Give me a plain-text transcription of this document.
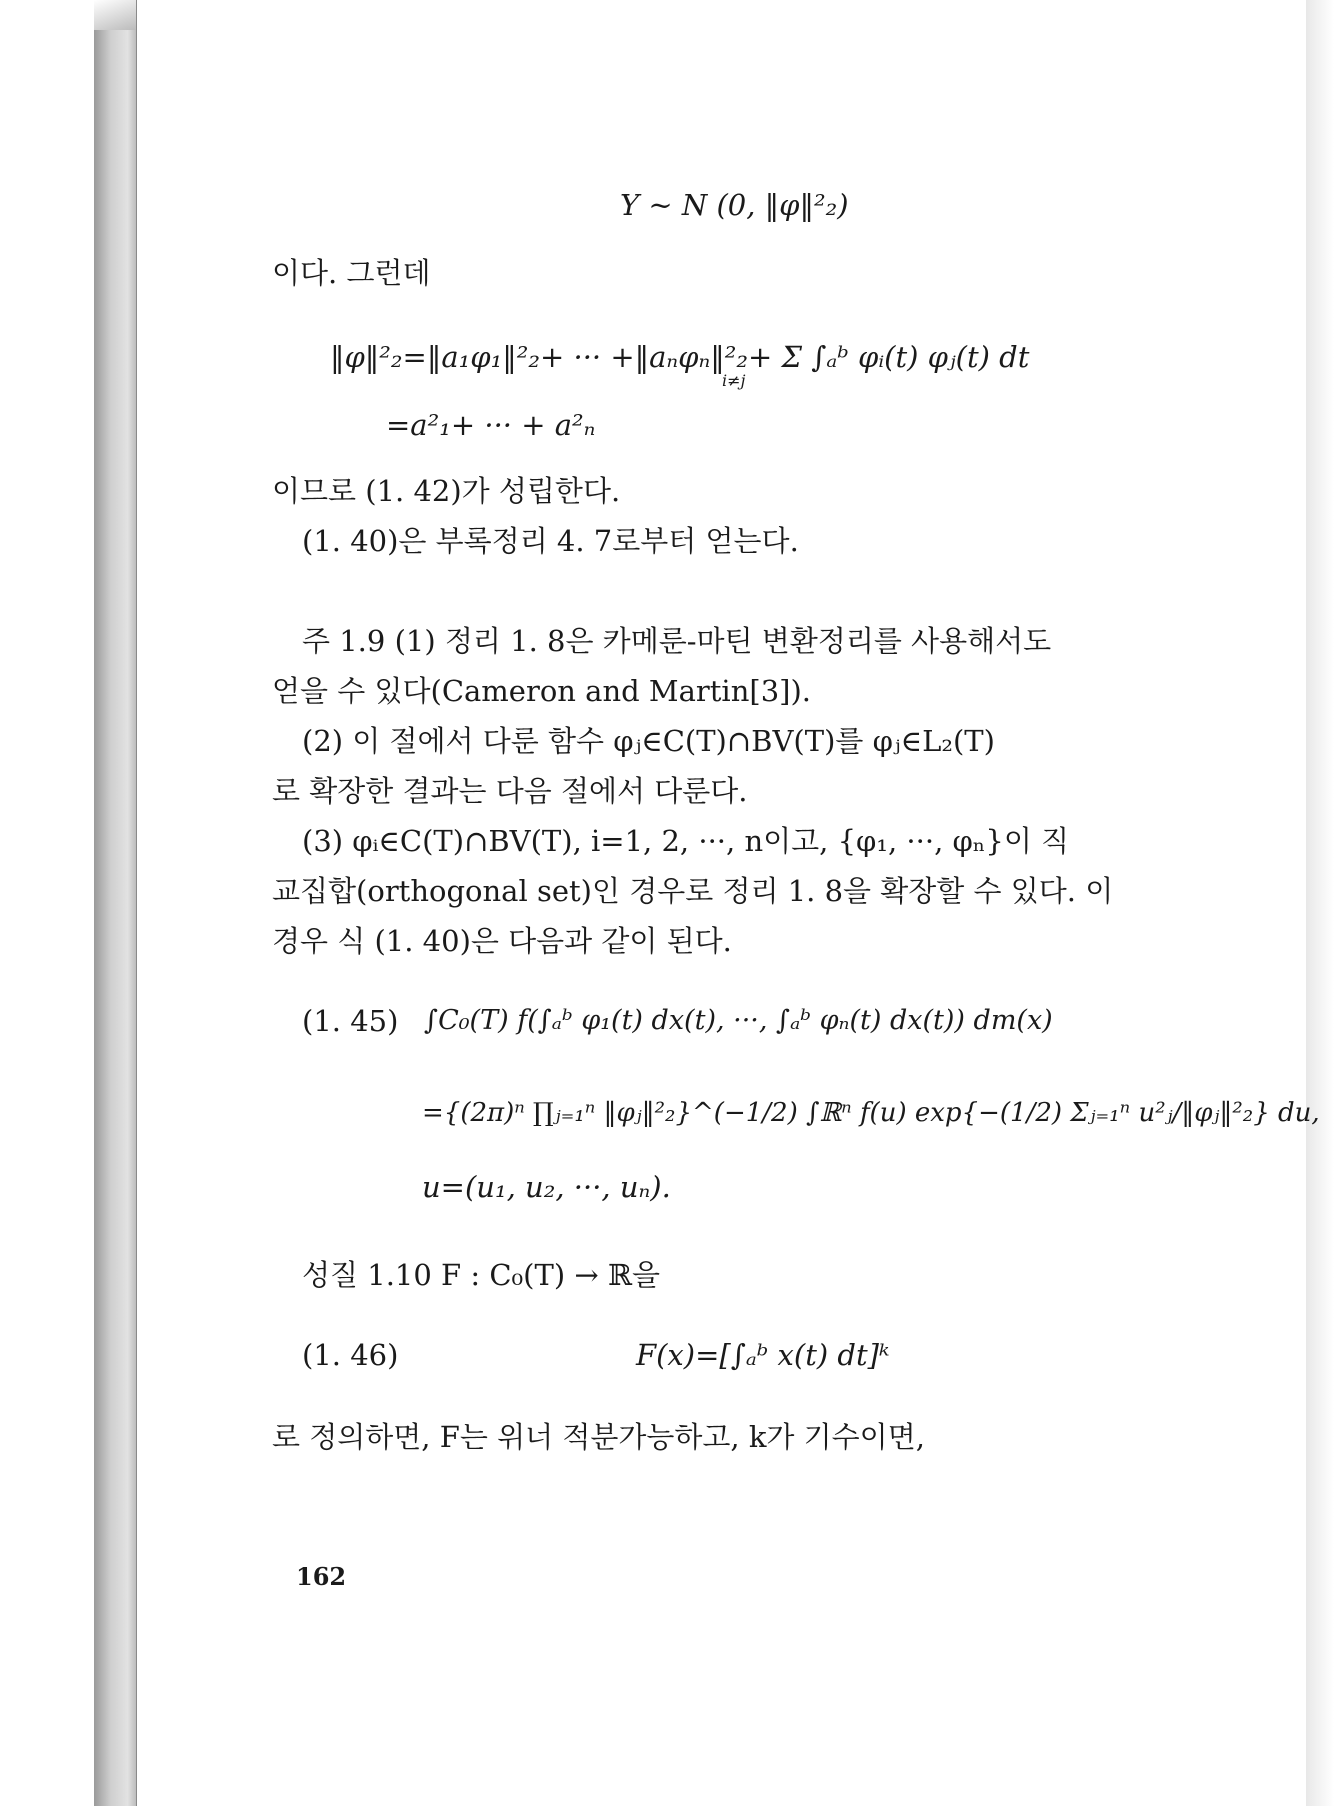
Y ~ N (0, ‖φ‖²₂)
이다. 그런데
‖φ‖²₂=‖a₁φ₁‖²₂+ ··· +‖aₙφₙ‖²₂+ Σ ∫ₐᵇ φᵢ(t) φⱼ(t) dt
i≠j
=a²₁+ ··· + a²ₙ
이므로 (1. 42)가 성립한다.
(1. 40)은 부록정리 4. 7로부터 얻는다.
주 1.9 (1) 정리 1. 8은 카메룬-마틴 변환정리를 사용해서도
얻을 수 있다(Cameron and Martin[3]).
(2) 이 절에서 다룬 함수 φⱼ∈C(T)∩BV(T)를 φⱼ∈L₂(T)
로 확장한 결과는 다음 절에서 다룬다.
(3) φᵢ∈C(T)∩BV(T), i=1, 2, ···, n이고, {φ₁, ···, φₙ}이 직
교집합(orthogonal set)인 경우로 정리 1. 8을 확장할 수 있다. 이
경우 식 (1. 40)은 다음과 같이 된다.
(1. 45) ∫C₀(T) f(∫ₐᵇ φ₁(t) dx(t), ···, ∫ₐᵇ φₙ(t) dx(t)) dm(x)
={(2π)ⁿ ∏ⱼ₌₁ⁿ ‖φⱼ‖²₂}^(−1/2) ∫ℝⁿ f(u) exp{−(1/2) Σⱼ₌₁ⁿ u²ⱼ/‖φⱼ‖²₂} du,
u=(u₁, u₂, ···, uₙ).
성질 1.10 F : C₀(T) → ℝ을
(1. 46)	F(x)=[∫ₐᵇ x(t) dt]ᵏ
로 정의하면, F는 위너 적분가능하고, k가 기수이면,
162
